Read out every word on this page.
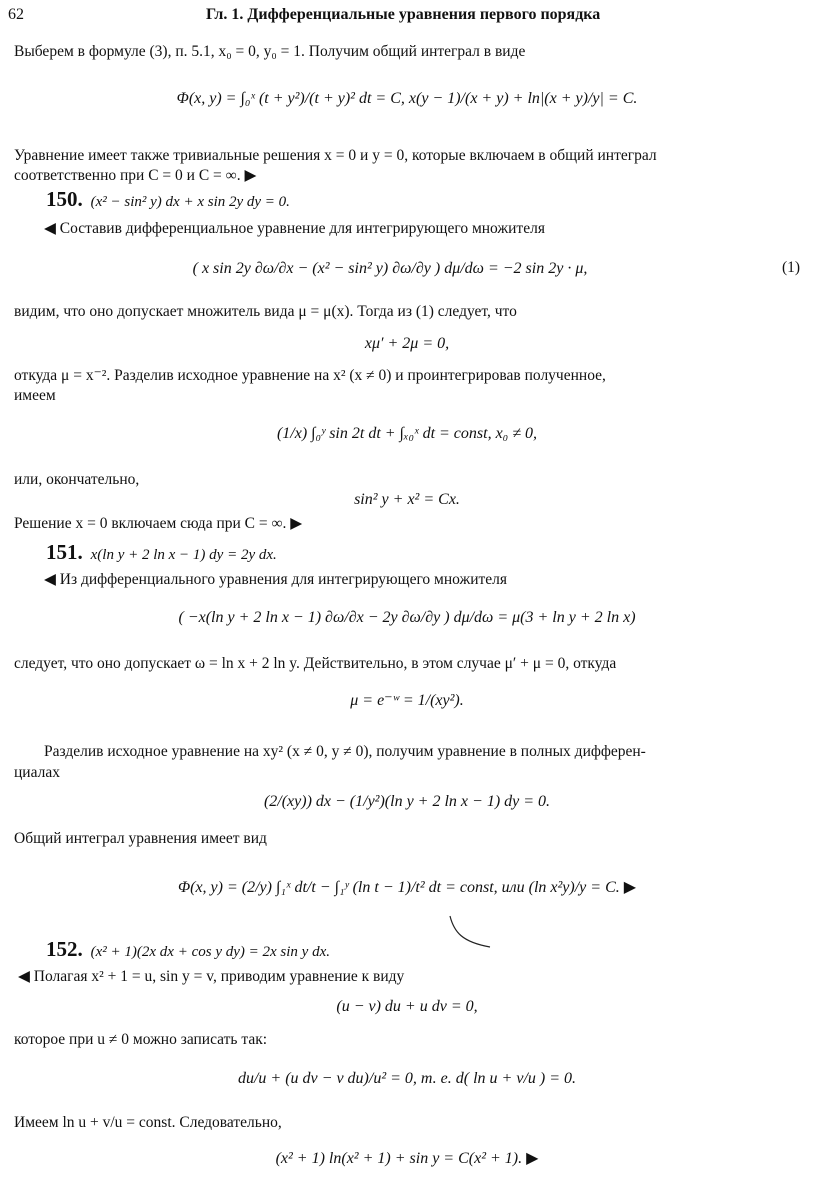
62	Гл. 1. Дифференциальные уравнения первого порядка
Выберем в формуле (3), п. 5.1, x₀ = 0, y₀ = 1. Получим общий интеграл в виде
Φ(x, y) = ∫₀ˣ (t + y²)/(t + y)² dt = C, x(y − 1)/(x + y) + ln|(x + y)/y| = C.
Уравнение имеет также тривиальные решения x = 0 и y = 0, которые включаем в общий интеграл
соответственно при C = 0 и C = ∞. ▶
150. (x² − sin² y) dx + x sin 2y dy = 0.
◀ Составив дифференциальное уравнение для интегрирующего множителя
( x sin 2y ∂ω/∂x − (x² − sin² y) ∂ω/∂y ) dμ/dω = −2 sin 2y · μ,	(1)
видим, что оно допускает множитель вида μ = μ(x). Тогда из (1) следует, что
xμ′ + 2μ = 0,
откуда μ = x⁻². Разделив исходное уравнение на x² (x ≠ 0) и проинтегрировав полученное,
имеем
(1/x) ∫₀ʸ sin 2t dt + ∫ₓ₀ˣ dt = const, x₀ ≠ 0,
или, окончательно,
sin² y + x² = Cx.
Решение x = 0 включаем сюда при C = ∞. ▶
151. x(ln y + 2 ln x − 1) dy = 2y dx.
◀ Из дифференциального уравнения для интегрирующего множителя
( −x(ln y + 2 ln x − 1) ∂ω/∂x − 2y ∂ω/∂y ) dμ/dω = μ(3 + ln y + 2 ln x)
следует, что оно допускает ω = ln x + 2 ln y. Действительно, в этом случае μ′ + μ = 0, откуда
μ = e⁻ʷ = 1/(xy²).
Разделив исходное уравнение на xy² (x ≠ 0, y ≠ 0), получим уравнение в полных дифферен-
циалах
(2/(xy)) dx − (1/y²)(ln y + 2 ln x − 1) dy = 0.
Общий интеграл уравнения имеет вид
Φ(x, y) = (2/y) ∫₁ˣ dt/t − ∫₁ʸ (ln t − 1)/t² dt = const, или (ln x²y)/y = C. ▶
152. (x² + 1)(2x dx + cos y dy) = 2x sin y dx.
◀ Полагая x² + 1 = u, sin y = v, приводим уравнение к виду
(u − v) du + u dv = 0,
которое при u ≠ 0 можно записать так:
du/u + (u dv − v du)/u² = 0, т. е. d( ln u + v/u ) = 0.
Имеем ln u + v/u = const. Следовательно,
(x² + 1) ln(x² + 1) + sin y = C(x² + 1). ▶
